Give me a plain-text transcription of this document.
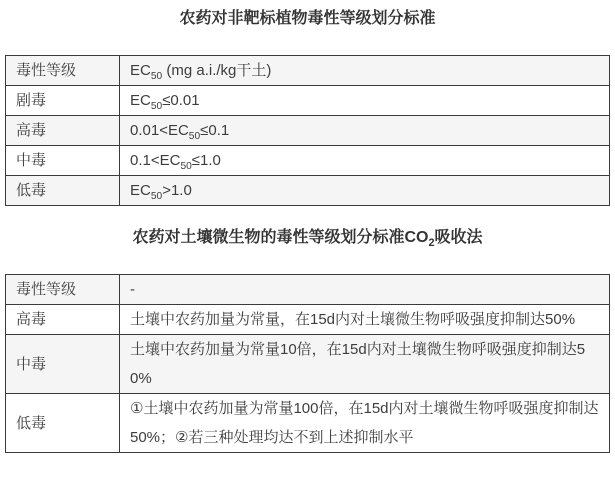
农药对非靶标植物毒性等级划分标准
毒性等级	$EC_{50}$ (mg a.i./kg干土)
剧毒	$EC_{50}\le 0.01$
高毒	$0.01<EC_{50}\le 0.1$
中毒	$0.1<EC_{50}\le 1.0$
低毒	$EC_{50}>1.0$
农药对土壤微生物的毒性等级划分标准$CO_2$吸收法
毒性等级	-
高毒	土壤中农药加量为常量，在15d内对土壤微生物呼吸强度抑制达50%
中毒	土壤中农药加量为常量10倍，在15d内对土壤微生物呼吸强度抑制达50%
低毒	①土壤中农药加量为常量100倍，在15d内对土壤微生物呼吸强度抑制达50%；②若三种处理均达不到上述抑制水平
